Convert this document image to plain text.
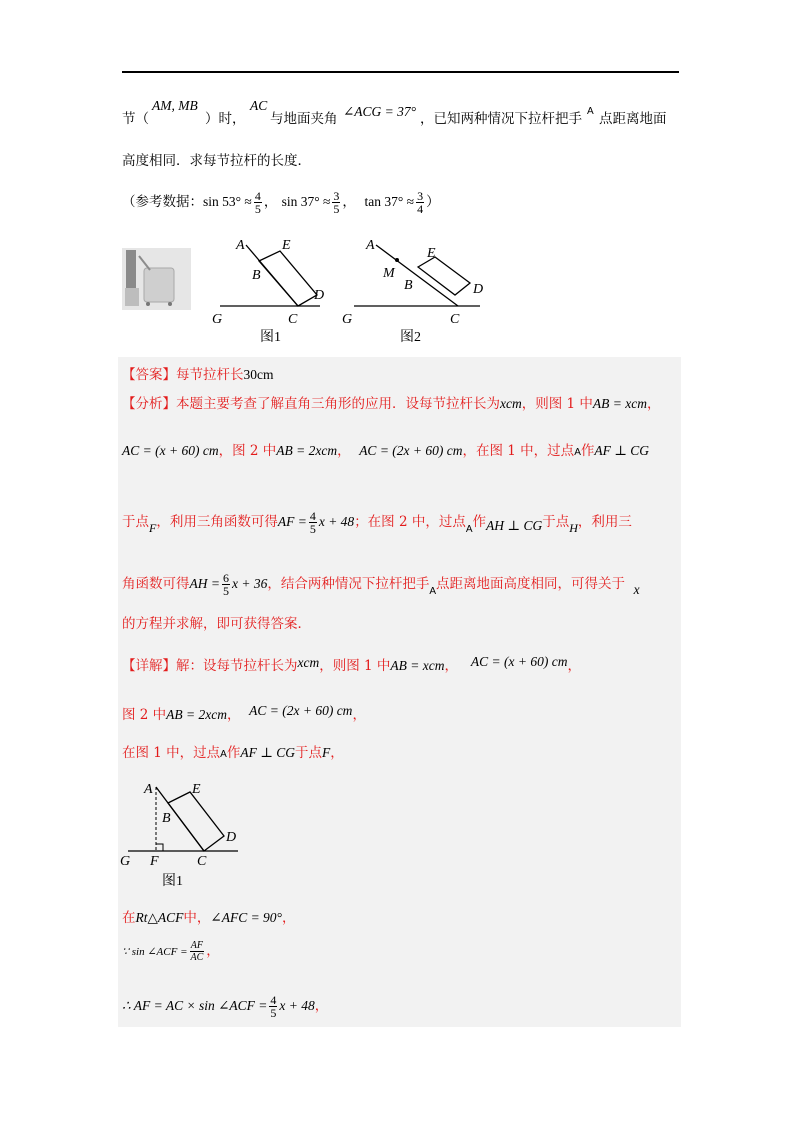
节（
AM, MB
）时，
AC
与地面夹角 ∠ACG = 37° ，已知两种情况下拉杆把手 A 点距离地面
高度相同．求每节拉杆的长度．
（参考数据：$\sin 53^\circ \approx \frac{4}{5}$ ， $\sin 37^\circ \approx \frac{3}{5}$ ， $\tan 37^\circ \approx \frac{3}{4}$ ）
A
B
E
D
C
G
图1
A
M
B
E
D
C
G
图2
【答案】每节拉杆长30cm
【分析】本题主要考查了解直角三角形的应用．设每节拉杆长为xcm，则图 1 中AB = xcm，
AC = (x + 60) cm，图 2 中AB = 2xcm， AC = (2x + 60) cm，在图 1 中，过点A作AF ⊥ CG
于点F，利用三角函数可得AF = $\frac{4}{5}$ x + 48；在图 2 中，过点$_A$作AH ⊥ CG于点H，利用三
角函数可得AH = $\frac{6}{5}$ x + 36，结合两种情况下拉杆把手$_A$点距离地面高度相同，可得关于 x
的方程并求解，即可获得答案．
【详解】解：设每节拉杆长为xcm，则图 1 中AB = xcm， AC = (x + 60) cm，
图 2 中AB = 2xcm， AC = (2x + 60) cm，
在图 1 中，过点A作AF ⊥ CG于点F，
A
B
E
D
C
G F
图1
在Rt△ACF中，∠AFC = 90°，
∵ sin ∠ACF = $\frac{AF}{AC}$ ，
∴ AF = AC × sin ∠ACF = $\frac{4}{5}$ x + 48，
